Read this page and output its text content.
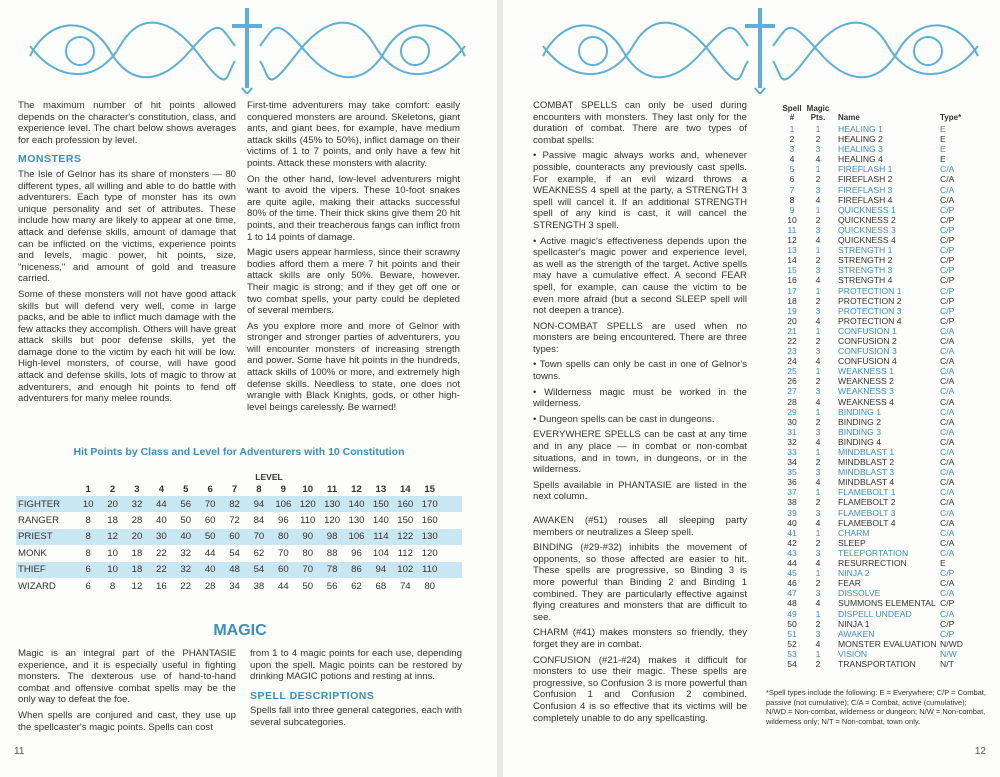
The maximum number of hit points allowed depends on the character's constitution, class, and experience level. The chart below shows averages for each profession by level.

MONSTERS

The Isle of Gelnor has its share of monsters — 80 different types, all willing and able to do battle with adventurers. Each type of monster has its own unique personality and set of attributes. These include how many are likely to appear at one time, attack and defense skills, amount of damage that can be inflicted on the victims, experience points and levels, magic power, hit points, size, "niceness," and amount of gold and treasure carried.

Some of these monsters will not have good attack skills but will defend very well, come in large packs, and be able to inflict much damage with the few attacks they accomplish. Others will have great attack skills but poor defense skills, yet the damage done to the victim by each hit will be low. High-level monsters, of course, will have good attack and defense skills, lots of magic to throw at adventurers, and enough hit points to fend off adventurers for many melee rounds.

First-time adventurers may take comfort: easily conquered monsters are around. Skeletons, giant ants, and giant bees, for example, have medium attack skills (45% to 50%), inflict damage on their victims of 1 to 7 points, and only have a few hit points. Attack these monsters with alacrity.

On the other hand, low-level adventurers might want to avoid the vipers. These 10-foot snakes are quite agile, making their attacks successful 80% of the time. Their thick skins give them 20 hit points, and their treacherous fangs can inflict from 1 to 14 points of damage.

Magic users appear harmless, since their scrawny bodies afford them a mere 7 hit points and their attack skills are only 50%. Beware, however. Their magic is strong; and if they get off one or two combat spells, your party could be depleted of several members.

As you explore more and more of Gelnor with stronger and stronger parties of adventurers, you will encounter monsters of increasing strength and power. Some have hit points in the hundreds, attack skills of 100% or more, and extremely high defense skills. Needless to state, one does not wrangle with Black Knights, gods, or other high-level beings carelessly. Be warned!

Hit Points by Class and Level for Adventurers with 10 Constitution
LEVEL
1	2	3	4	5	6	7	8	9	10	11	12	13	14	15
FIGHTER	10	20	32	44	56	70	82	94	106 120 130 140 150 160 170
RANGER	8	18	28	40	50	60	72	84	96	110 120 130 140 150 160
PRIEST	8	12	20	30	40	50	60	70	80	90	98	106 114 122 130
MONK	8	10	18	22	32	44	54	62	70	80	88	96	104 112 120
THIEF	6	10	18	22	32	40	48	54	60	70	78	86	94	102 110
WIZARD	6	8	12	16	22	28	34	38	44	50	56	62	68	74	80
MAGIC

Magic is an integral part of the PHANTASIE experience, and it is especially useful in fighting monsters. The dexterous use of hand-to-hand combat and offensive combat spells may be the only way to defeat the foe.

When spells are conjured and cast, they use up the spellcaster's magic points. Spells can cost

from 1 to 4 magic points for each use, depending upon the spell. Magic points can be restored by drinking MAGIC potions and resting at inns.

SPELL DESCRIPTIONS

Spells fall into three general categories, each with several subcategories.

11

COMBAT SPELLS can only be used during encounters with monsters. They last only for the duration of combat. There are two types of combat spells:

• Passive magic always works and, whenever possible, counteracts any previously cast spells. For example, if an evil wizard throws a WEAKNESS 4 spell at the party, a STRENGTH 3 spell will cancel it. If an additional STRENGTH spell of any kind is cast, it will cancel the STRENGTH 3 spell.

• Active magic's effectiveness depends upon the spellcaster's magic power and experience level, as well as the strength of the target. Active spells may have a cumulative effect. A second FEAR spell, for example, can cause the victim to be even more afraid (but a second SLEEP spell will not deepen a trance).

NON-COMBAT SPELLS are used when no monsters are being encountered. There are three types:

• Town spells can only be cast in one of Gelnor's towns.

• Wilderness magic must be worked in the wilderness.

• Dungeon spells can be cast in dungeons.

EVERYWHERE SPELLS can be cast at any time and in any place — in combat or non-combat situations, and in town, in dungeons, or in the wilderness.

Spells available in PHANTASIE are listed in the next column.

AWAKEN (#51) rouses all sleeping party members or neutralizes a Sleep spell.

BINDING (#29-#32) inhibits the movement of opponents, so those affected are easier to hit. These spells are progressive, so Binding 3 is more powerful than Binding 2 and Binding 1 combined. They are particularly effective against flying creatures and monsters that are difficult to see.

CHARM (#41) makes monsters so friendly, they forget they are in combat.

CONFUSION (#21-#24) makes it difficult for monsters to use their magic. These spells are progressive, so Confusion 3 is more powerful than Confusion 1 and Confusion 2 combined. Confusion 4 is so effective that its victims will be completely unable to do any spellcasting.

Spell #
Magic Pts.	Name	Type*
1	1	HEALING 1	E
2	2	HEALING 2	E
3	3	HEALING 3	E
4	4	HEALING 4	E
5	1	FIREFLASH 1	C/A
6	2	FIREFLASH 2	C/A
7	3	FIREFLASH 3	C/A
8	4	FIREFLASH 4	C/A
9	1	QUICKNESS 1	C/P
10	2	QUICKNESS 2	C/P
11	3	QUICKNESS 3	C/P
12	4	QUICKNESS 4	C/P
13	1	STRENGTH 1	C/P
14	2	STRENGTH 2	C/P
15	3	STRENGTH 3	C/P
16	4	STRENGTH 4	C/P
17	1	PROTECTION 1	C/P
18	2	PROTECTION 2	C/P
19	3	PROTECTION 3	C/P
20	4	PROTECTION 4	C/P
21	1	CONFUSION 1	C/A
22	2	CONFUSION 2	C/A
23	3	CONFUSION 3	C/A
24	4	CONFUSION 4	C/A
25	1	WEAKNESS 1	C/A
26	2	WEAKNESS 2	C/A
27	3	WEAKNESS 3	C/A
28	4	WEAKNESS 4	C/A
29	1	BINDING 1	C/A
30	2	BINDING 2	C/A
31	3	BINDING 3	C/A
32	4	BINDING 4	C/A
33	1	MINDBLAST 1	C/A
34	2	MINDBLAST 2	C/A
35	3	MINDBLAST 3	C/A
36	4	MINDBLAST 4	C/A
37	1	FLAMEBOLT 1	C/A
38	2	FLAMEBOLT 2	C/A
39	3	FLAMEBOLT 3	C/A
40	4	FLAMEBOLT 4	C/A
41	1	CHARM	C/A
42	2	SLEEP	C/A
43	3	TELEPORTATION	C/A
44	4	RESURRECTION	E
45	1	NINJA 2	C/P
46	2	FEAR	C/A
47	3	DISSOLVE	C/A
48	4	SUMMONS ELEMENTAL C/P
49	1	DISPELL UNDEAD	C/A
50	2	NINJA 1	C/P
51	3	AWAKEN	C/P
52	4	MONSTER EVALUATION N/WD
53	1	VISION	N/W
54	2	TRANSPORTATION	N/T
*Spell types include the following: E = Everywhere; C/P = Combat, passive (not cumulative); C/A = Combat, active (cumulative); N/WD = Non-combat, wilderness or dungeon; N/W = Non-combat, wilderness only; N/T = Non-combat, town only.
12
